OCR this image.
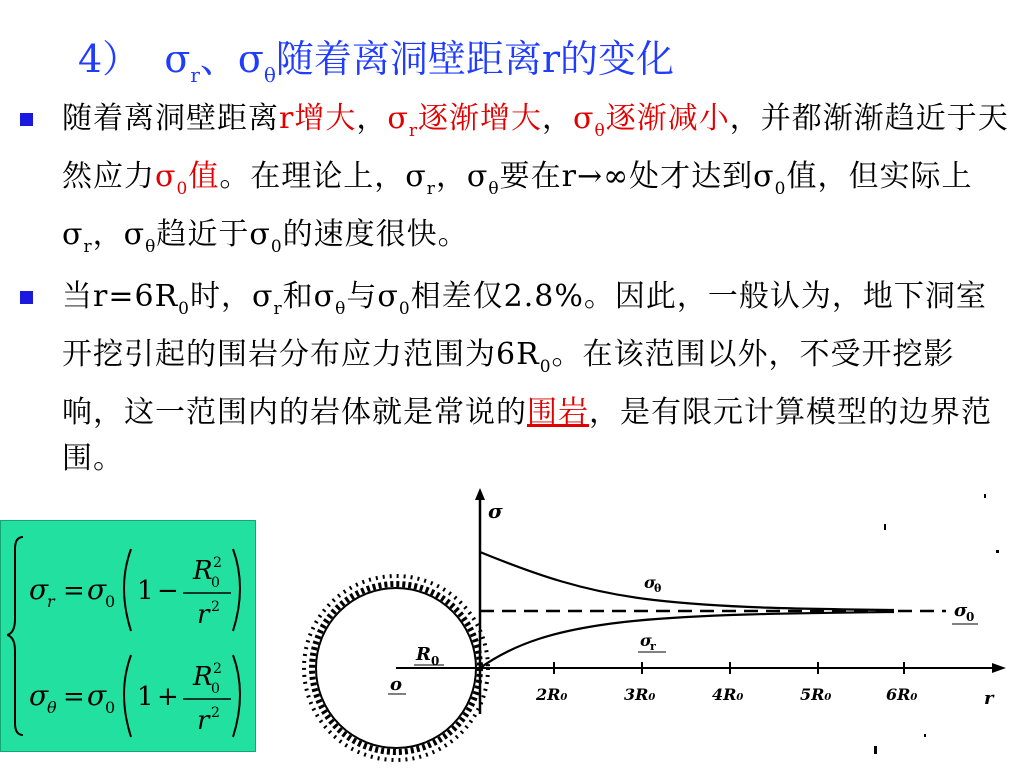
4） $\sigma_r$、$\sigma_\theta$随着离洞壁距离r的变化
随着离洞壁距离r增大，$\sigma_r$逐渐增大，$\sigma_\theta$逐渐减小，并都渐渐趋近于天然应力$\sigma_0$值。在理论上，$\sigma_r$，$\sigma_\theta$要在r→∞处才达到$\sigma_0$值，但实际上$\sigma_r$，$\sigma_\theta$趋近于$\sigma_0$的速度很快。
当$r=6R_0$时，$\sigma_r$和$\sigma_\theta$与$\sigma_0$相差仅2.8%。因此，一般认为，地下洞室开挖引起的围岩分布应力范围为$6R_0$。在该范围以外，不受开挖影响，这一范围内的岩体就是常说的围岩，是有限元计算模型的边界范围。
σ
r = σ
0 1 −
R 2
0
r 2
σ
θ = σ
0 1 +
R 2
0
r 2
R 0
o
σ
r
2R₀	3R₀	4R₀	5R₀	6R₀
σ
0
σ
θ
σ
r
